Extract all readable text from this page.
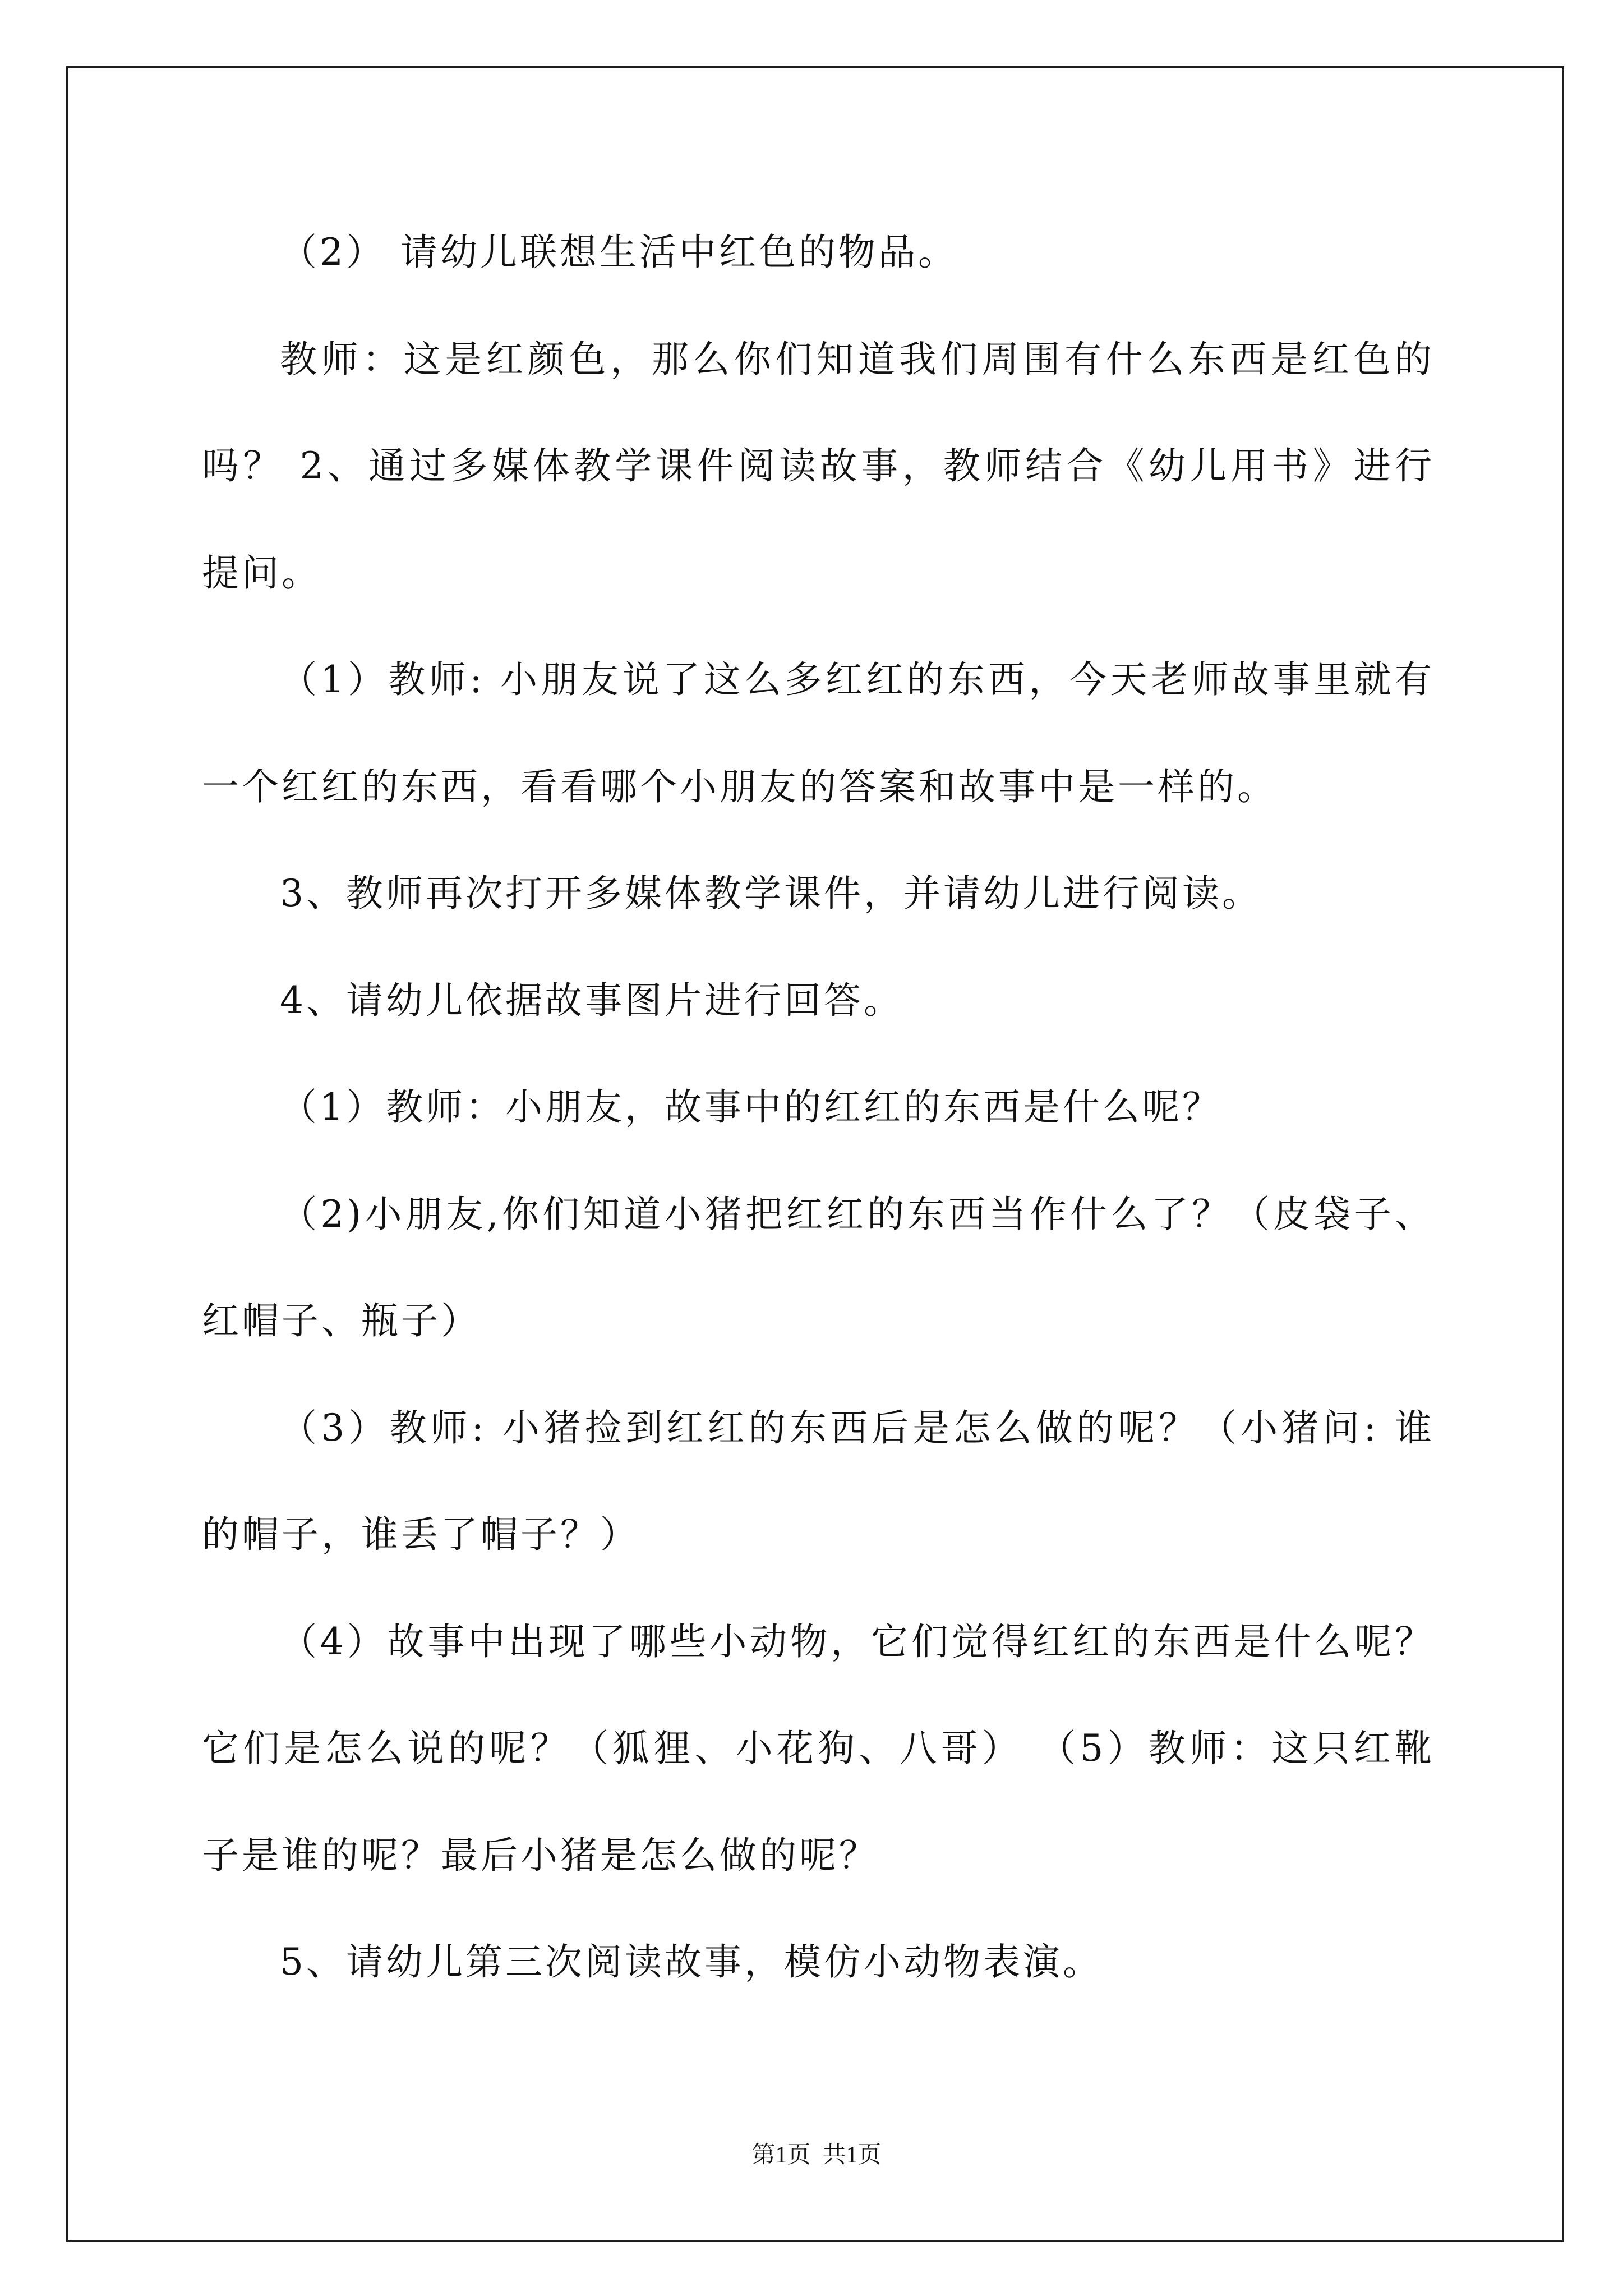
（2） 请幼儿联想生活中红色的物品。
教师：这是红颜色，那么你们知道我们周围有什么东西是红色的
吗？ 2、通过多媒体教学课件阅读故事，教师结合《幼儿用书》进行
提问。
（1）教师: 小朋友说了这么多红红的东西，今天老师故事里就有
一个红红的东西，看看哪个小朋友的答案和故事中是一样的。
3、教师再次打开多媒体教学课件，并请幼儿进行阅读。
4、请幼儿依据故事图片进行回答。
（1）教师：小朋友，故事中的红红的东西是什么呢？
（2)小朋友,你们知道小猪把红红的东西当作什么了？（皮袋子、
红帽子、瓶子）
（3）教师: 小猪捡到红红的东西后是怎么做的呢？（小猪问: 谁
的帽子，谁丢了帽子？）
（4）故事中出现了哪些小动物，它们觉得红红的东西是什么呢？
它们是怎么说的呢？（狐狸、小花狗、八哥） （5）教师：这只红靴
子是谁的呢？最后小猪是怎么做的呢？
5、请幼儿第三次阅读故事，模仿小动物表演。
第1页  共1页
